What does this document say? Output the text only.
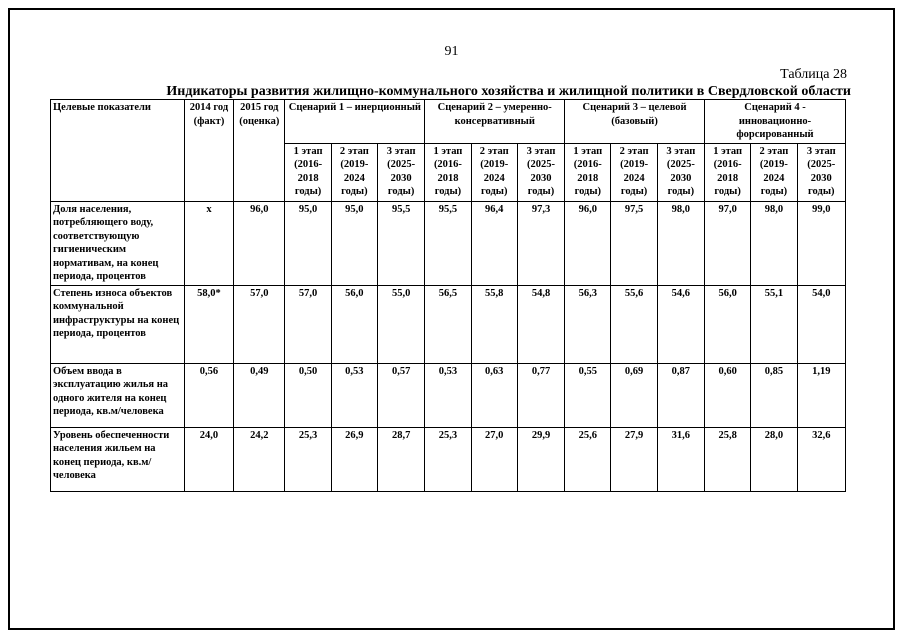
91
Таблица 28
Индикаторы развития жилищно-коммунального хозяйства и жилищной политики в Свердловской области
Целевые показатели	2014 год (факт)	2015 год (оценка)	Сценарий 1 – инерционный			Сценарий 2 – умеренно-консервативный			Сценарий 3 – целевой (базовый)			Сценарий 4 - инновационно-форсированный		
			1 этап (2016-2018 годы)	2 этап (2019-2024 годы)	3 этап (2025-2030 годы)	1 этап (2016-2018 годы)	2 этап (2019-2024 годы)	3 этап (2025-2030 годы)	1 этап (2016-2018 годы)	2 этап (2019-2024 годы)	3 этап (2025-2030 годы)	1 этап (2016-2018 годы)	2 этап (2019-2024 годы)	3 этап (2025-2030 годы)
Доля населения, потребляющего воду, соответствующую гигиеническим нормативам, на конец периода, процентов	х	96,0	95,0	95,0	95,5	95,5	96,4	97,3	96,0	97,5	98,0	97,0	98,0	99,0
Степень износа объектов коммунальной инфраструктуры на конец периода, процентов	58,0*	57,0	57,0	56,0	55,0	56,5	55,8	54,8	56,3	55,6	54,6	56,0	55,1	54,0
Объем ввода в эксплуатацию жилья на одного жителя на конец периода, кв.м/человека	0,56	0,49	0,50	0,53	0,57	0,53	0,63	0,77	0,55	0,69	0,87	0,60	0,85	1,19
Уровень обеспеченности населения жильем на конец периода, кв.м/человека	24,0	24,2	25,3	26,9	28,7	25,3	27,0	29,9	25,6	27,9	31,6	25,8	28,0	32,6
